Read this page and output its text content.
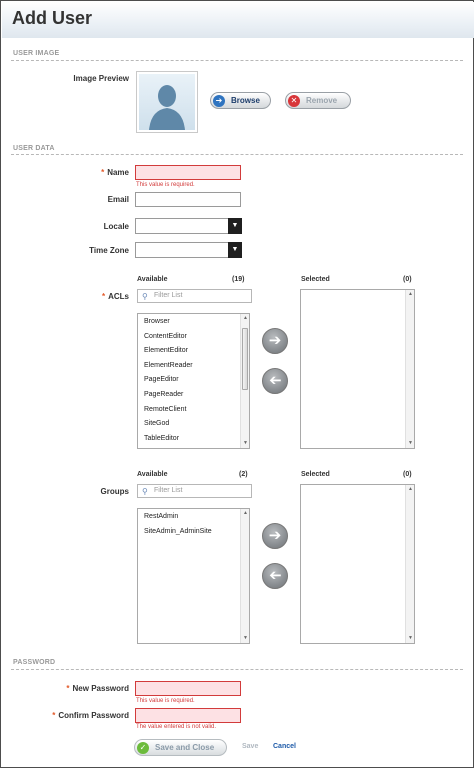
Add User
USER IMAGE
Image Preview
➔	Browse	✕	Remove
USER DATA
* Name
This value is required.
Email
Locale	▼
Time Zone	▼
Available	(19)	Selected	(0)
* ACLs ⚲ Filter List
Browser
ContentEditor
ElementEditor
ElementReader
PageEditor
PageReader
RemoteClient
SiteGod
TableEditor
▲
▼
➔
➔
▲
▼
Available	(2)	Selected	(0)
Groups ⚲ Filter List
RestAdmin
SiteAdmin_AdminSite
▲
▼
➔
➔
▲
▼
PASSWORD
* New Password
This value is required.
* Confirm Password
The value entered is not valid.
✓	Save and Close	Save Cancel
